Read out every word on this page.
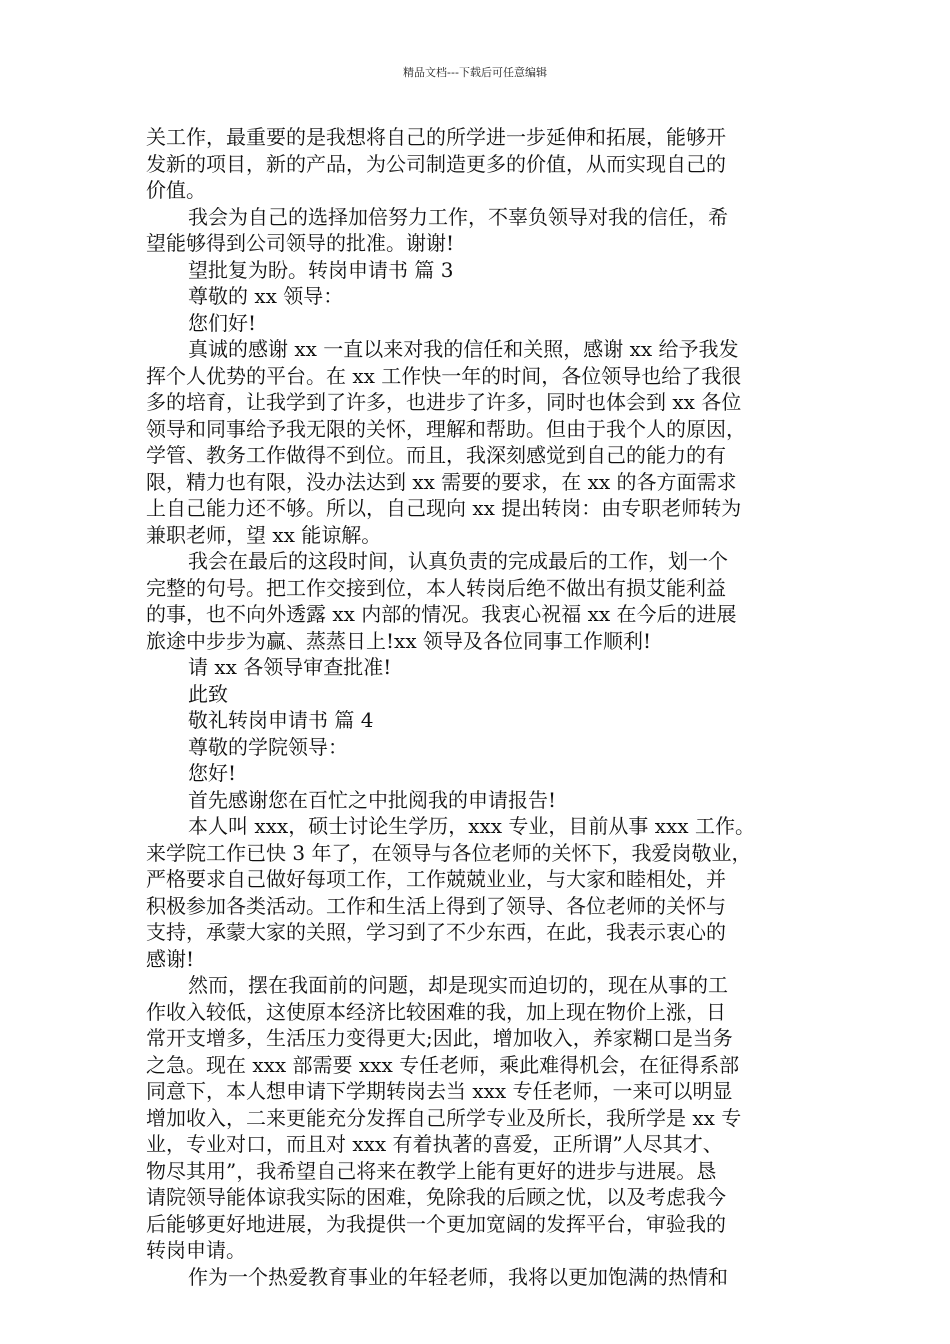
精品文档---下载后可任意编辑
关工作，最重要的是我想将自己的所学进一步延伸和拓展，能够开
发新的项目，新的产品，为公司制造更多的价值，从而实现自己的
价值。
我会为自己的选择加倍努力工作，不辜负领导对我的信任，希
望能够得到公司领导的批准。谢谢!
望批复为盼。转岗申请书 篇 3
尊敬的 xx 领导：
您们好!
真诚的感谢 xx 一直以来对我的信任和关照，感谢 xx 给予我发
挥个人优势的平台。在 xx 工作快一年的时间，各位领导也给了我很
多的培育，让我学到了许多，也进步了许多，同时也体会到 xx 各位
领导和同事给予我无限的关怀，理解和帮助。但由于我个人的原因，
学管、教务工作做得不到位。而且，我深刻感觉到自己的能力的有
限，精力也有限，没办法达到 xx 需要的要求，在 xx 的各方面需求
上自己能力还不够。所以，自己现向 xx 提出转岗：由专职老师转为
兼职老师，望 xx 能谅解。
我会在最后的这段时间，认真负责的完成最后的工作，划一个
完整的句号。把工作交接到位，本人转岗后绝不做出有损艾能利益
的事，也不向外透露 xx 内部的情况。我衷心祝福 xx 在今后的进展
旅途中步步为赢、蒸蒸日上!xx 领导及各位同事工作顺利!
请 xx 各领导审查批准!
此致
敬礼转岗申请书 篇 4
尊敬的学院领导：
您好!
首先感谢您在百忙之中批阅我的申请报告!
本人叫 xxx，硕士讨论生学历，xxx 专业，目前从事 xxx 工作。
来学院工作已快 3 年了，在领导与各位老师的关怀下，我爱岗敬业，
严格要求自己做好每项工作，工作兢兢业业，与大家和睦相处，并
积极参加各类活动。工作和生活上得到了领导、各位老师的关怀与
支持，承蒙大家的关照，学习到了不少东西，在此，我表示衷心的
感谢!
然而，摆在我面前的问题，却是现实而迫切的，现在从事的工
作收入较低，这使原本经济比较困难的我，加上现在物价上涨，日
常开支增多，生活压力变得更大;因此，增加收入，养家糊口是当务
之急。现在 xxx 部需要 xxx 专任老师，乘此难得机会，在征得系部
同意下，本人想申请下学期转岗去当 xxx 专任老师，一来可以明显
增加收入，二来更能充分发挥自己所学专业及所长，我所学是 xx 专
业，专业对口，而且对 xxx 有着执著的喜爱，正所谓”人尽其才、
物尽其用”，我希望自己将来在教学上能有更好的进步与进展。恳
请院领导能体谅我实际的困难，免除我的后顾之忧，以及考虑我今
后能够更好地进展，为我提供一个更加宽阔的发挥平台，审验我的
转岗申请。
作为一个热爱教育事业的年轻老师，我将以更加饱满的热情和
